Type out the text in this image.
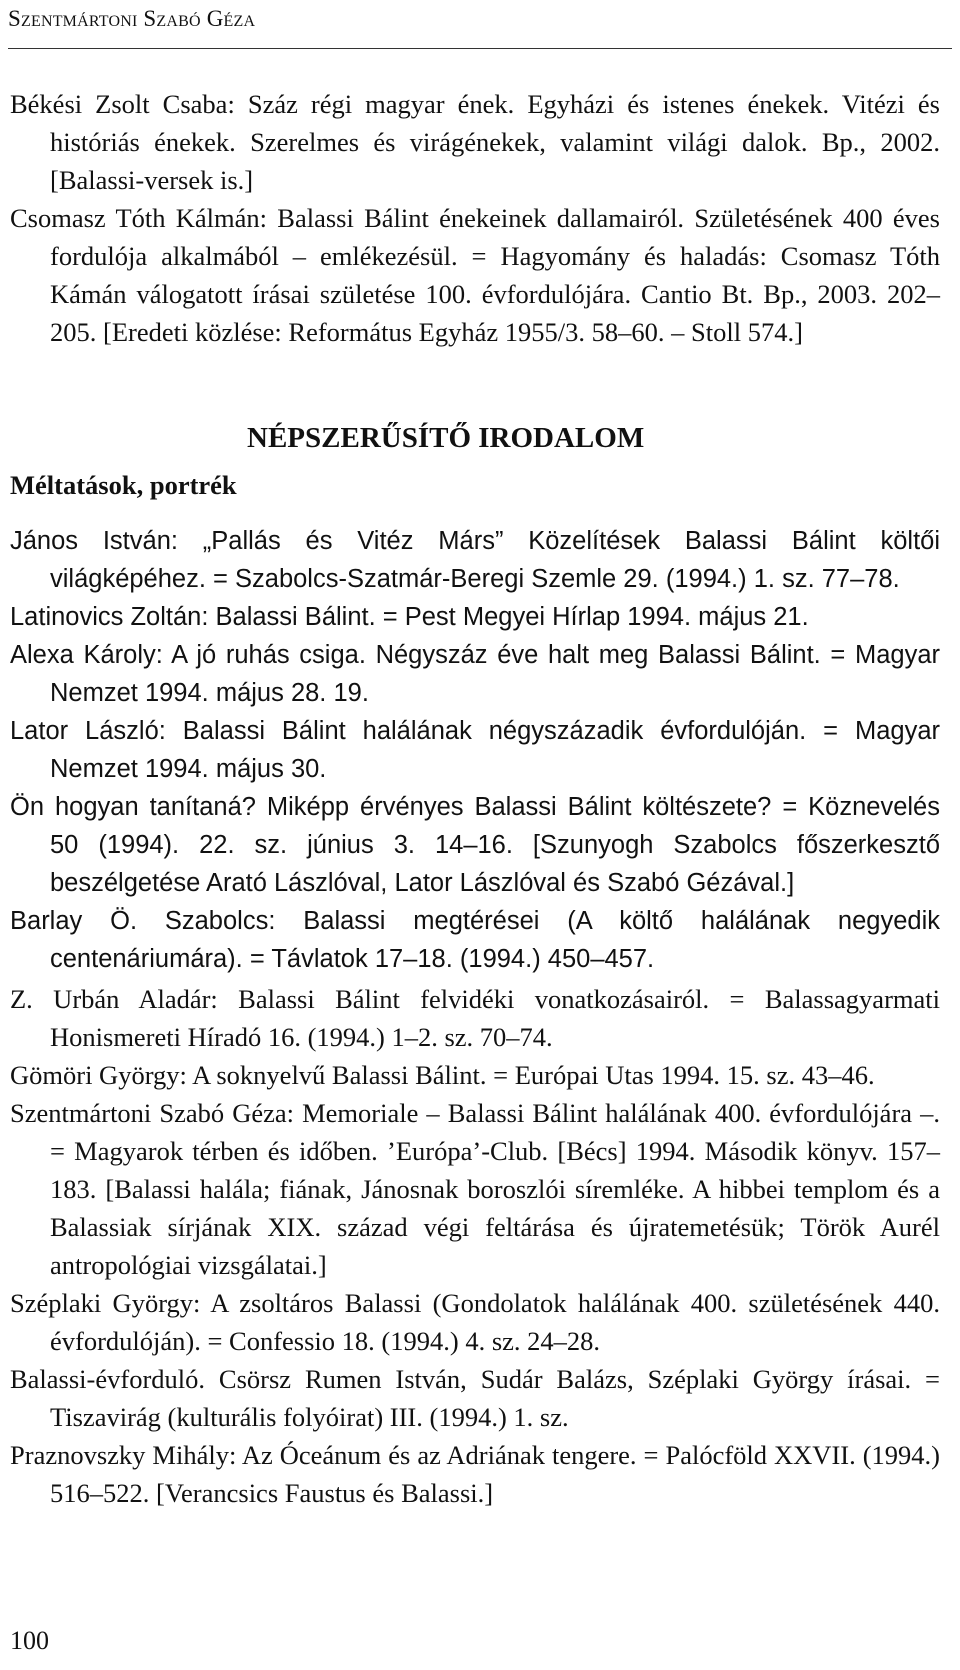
Szentmártoni Szabó Géza

Békési Zsolt Csaba: Száz régi magyar ének. Egyházi és istenes énekek. Vitézi és históriás énekek. Szerelmes és virágénekek, valamint világi dalok. Bp., 2002. [Balassi-versek is.]

Csomasz Tóth Kálmán: Balassi Bálint énekeinek dallamairól. Születésének 400 éves fordulója alkalmából – emlékezésül. = Hagyomány és haladás: Csomasz Tóth Kámán válogatott írásai születése 100. évfordulójára. Cantio Bt. Bp., 2003. 202–205. [Eredeti közlése: Református Egyház 1955/3. 58–60. – Stoll 574.]

NÉPSZERŰSÍTŐ IRODALOM
Méltatások, portrék

János István: „Pallás és Vitéz Márs” Közelítések Balassi Bálint költői világképéhez. = Szabolcs-Szatmár-Beregi Szemle 29. (1994.) 1. sz. 77–78.

Latinovics Zoltán: Balassi Bálint. = Pest Megyei Hírlap 1994. május 21.

Alexa Károly: A jó ruhás csiga. Négyszáz éve halt meg Balassi Bálint. = Magyar Nemzet 1994. május 28. 19.

Lator László: Balassi Bálint halálának négyszázadik évfordulóján. = Magyar Nemzet 1994. május 30.

Ön hogyan tanítaná? Miképp érvényes Balassi Bálint költészete? = Köznevelés 50 (1994). 22. sz. június 3. 14–16. [Szunyogh Szabolcs főszerkesztő beszélgetése Arató Lászlóval, Lator Lászlóval és Szabó Gézával.]

Barlay Ö. Szabolcs: Balassi megtérései (A költő halálának negyedik centenáriumára). = Távlatok 17–18. (1994.) 450–457.

Z. Urbán Aladár: Balassi Bálint felvidéki vonatkozásairól. = Balassagyarmati Honismereti Híradó 16. (1994.) 1–2. sz. 70–74.

Gömöri György: A soknyelvű Balassi Bálint. = Európai Utas 1994. 15. sz. 43–46.

Szentmártoni Szabó Géza: Memoriale – Balassi Bálint halálának 400. évfordulójára –. = Magyarok térben és időben. ’Európa’-Club. [Bécs] 1994. Második könyv. 157–183. [Balassi halála; fiának, Jánosnak boroszlói síremléke. A hibbei templom és a Balassiak sírjának XIX. század végi feltárása és újratemetésük; Török Aurél antropológiai vizsgálatai.]

Széplaki György: A zsoltáros Balassi (Gondolatok halálának 400. születésének 440. évfordulóján). = Confessio 18. (1994.) 4. sz. 24–28.

Balassi-évforduló. Csörsz Rumen István, Sudár Balázs, Széplaki György írásai. = Tiszavirág (kulturális folyóirat) III. (1994.) 1. sz.

Praznovszky Mihály: Az Óceánum és az Adriának tengere. = Palócföld XXVII. (1994.) 516–522. [Verancsics Faustus és Balassi.]

100
